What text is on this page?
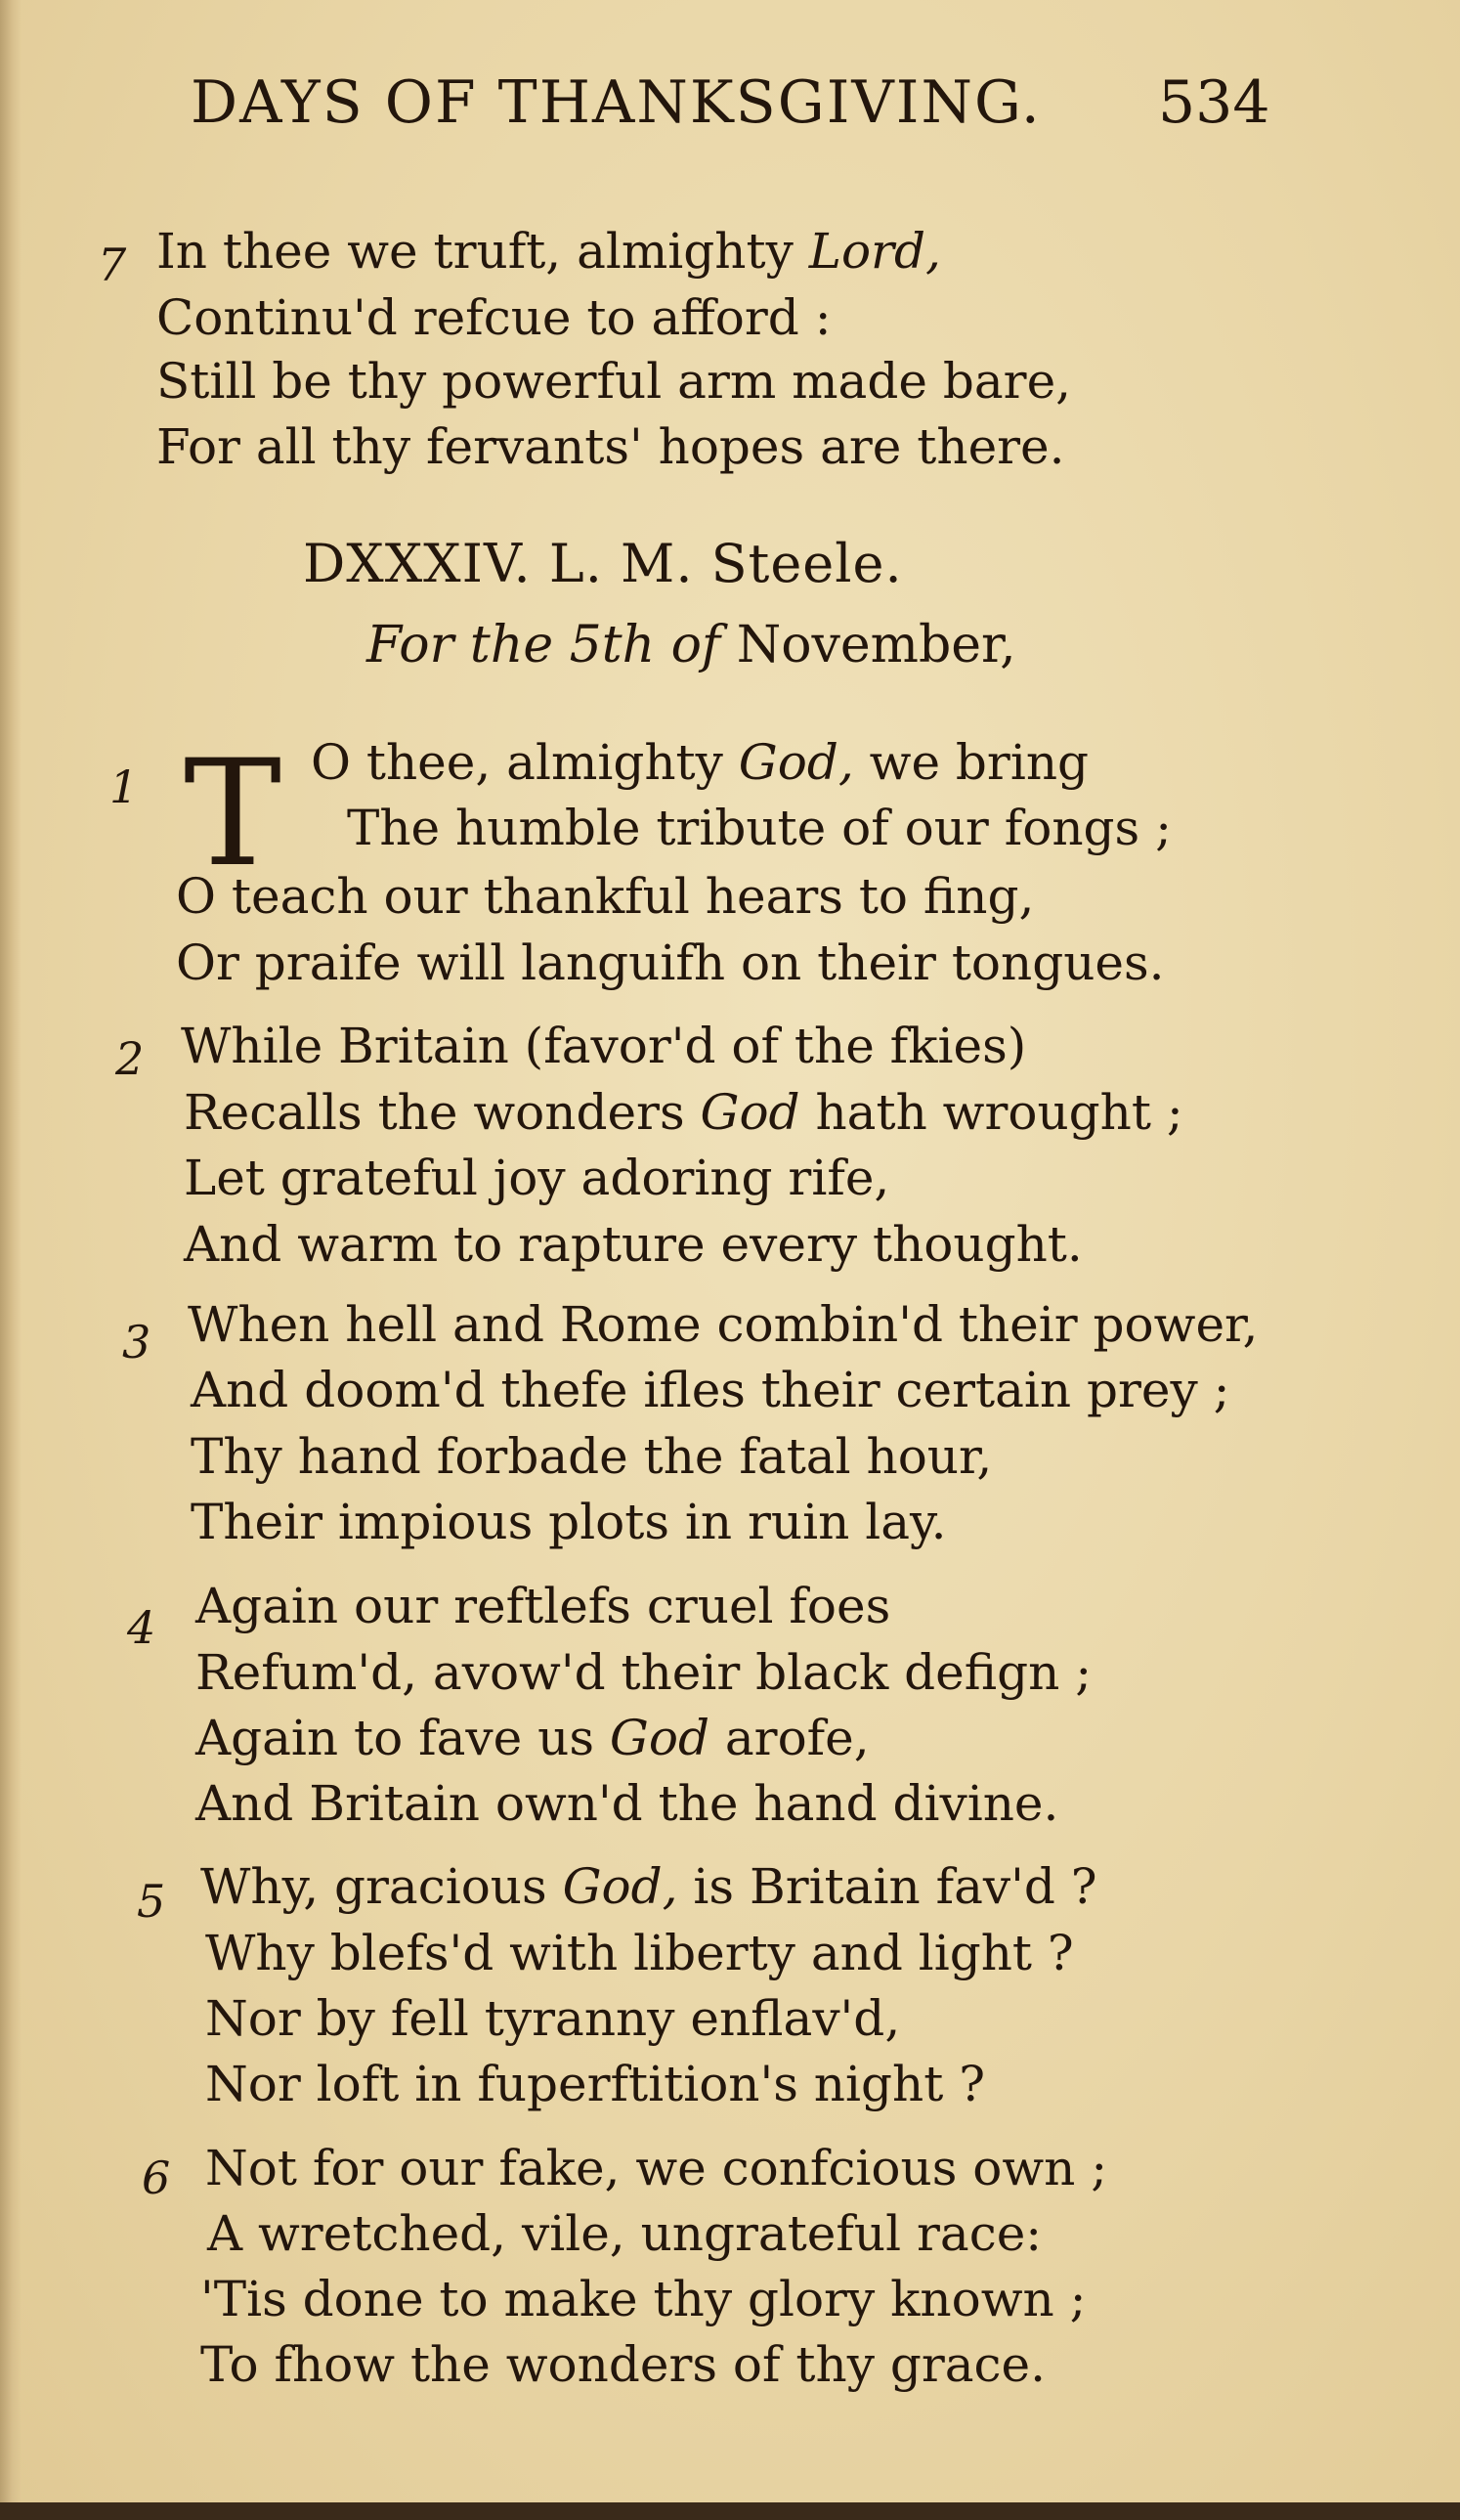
DAYS OF THANKSGIVING. 534
7 In thee we truft, almighty Lord,
Continu'd refcue to afford :
Still be thy powerful arm made bare,
For all thy fervants' hopes are there.
DXXXIV. L. M. Steele.
For the 5th of November,
1 T O thee, almighty God, we bring
The humble tribute of our fongs ;
O teach our thankful hears to fing,
Or praife will languifh on their tongues.
2 While Britain (favor'd of the fkies)
Recalls the wonders God hath wrought ;
Let grateful joy adoring rife,
And warm to rapture every thought.
3 When hell and Rome combin'd their power,
And doom'd thefe ifles their certain prey ;
Thy hand forbade the fatal hour,
Their impious plots in ruin lay.
4 Again our reftlefs cruel foes
Refum'd, avow'd their black defign ;
Again to fave us God arofe,
And Britain own'd the hand divine.
5 Why, gracious God, is Britain fav'd ?
Why blefs'd with liberty and light ?
Nor by fell tyranny enflav'd,
Nor loft in fuperftition's night ?
6 Not for our fake, we confcious own ;
A wretched, vile, ungrateful race:
'Tis done to make thy glory known ;
To fhow the wonders of thy grace.
